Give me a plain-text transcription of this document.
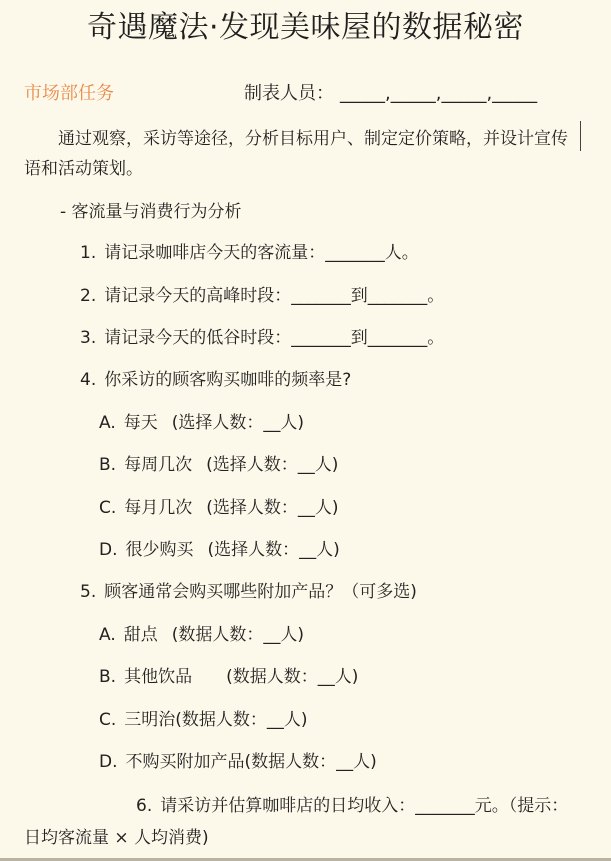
奇遇魔法·发现美味屋的数据秘密
市场部任务	制表人员： _____,_____,_____,_____
通过观察，采访等途径，分析目标用户、制定定价策略，并设计宣传语和活动策划。
- 客流量与消费行为分析
1. 请记录咖啡店今天的客流量：_______人。
2. 请记录今天的高峰时段：_______到_______。
3. 请记录今天的低谷时段：_______到_______。
4. 你采访的顾客购买咖啡的频率是?
A. 每天 (选择人数：__人)
B. 每周几次 (选择人数：__人)
C. 每月几次 (选择人数：__人)
D. 很少购买 (选择人数：__人)
5. 顾客通常会购买哪些附加产品？（可多选)
A. 甜点 (数据人数：__人)
B. 其他饮品 (数据人数：__人)
C. 三明治(数据人数：__人)
D. 不购买附加产品(数据人数：__人)
6. 请采访并估算咖啡店的日均收入：_______元。（提示：日均客流量 × 人均消费)
